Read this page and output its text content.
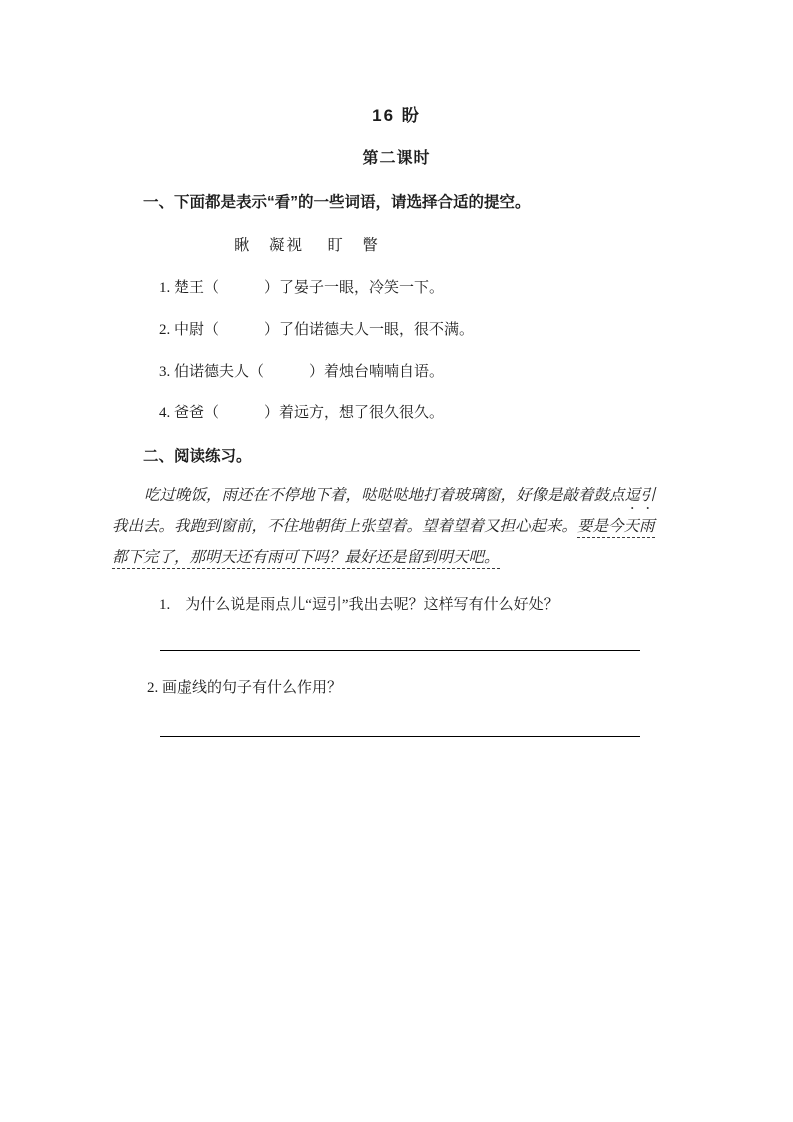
16 盼
第二课时
一、下面都是表示“看”的一些词语，请选择合适的提空。
瞅　凝视　 盯　瞥
1. 楚王（　　　）了晏子一眼，冷笑一下。
2. 中尉（　　　）了伯诺德夫人一眼，很不满。
3. 伯诺德夫人（　　　）着烛台喃喃自语。
4. 爸爸（　　　）着远方，想了很久很久。
二、阅读练习。
吃过晚饭，雨还在不停地下着，哒哒哒地打着玻璃窗，好像是敲着鼓点逗引
我出去。我跑到窗前，不住地朝街上张望着。望着望着又担心起来。要是今天雨
都下完了，那明天还有雨可下吗？最好还是留到明天吧。
1.　为什么说是雨点儿“逗引”我出去呢？这样写有什么好处？
2. 画虚线的句子有什么作用？
